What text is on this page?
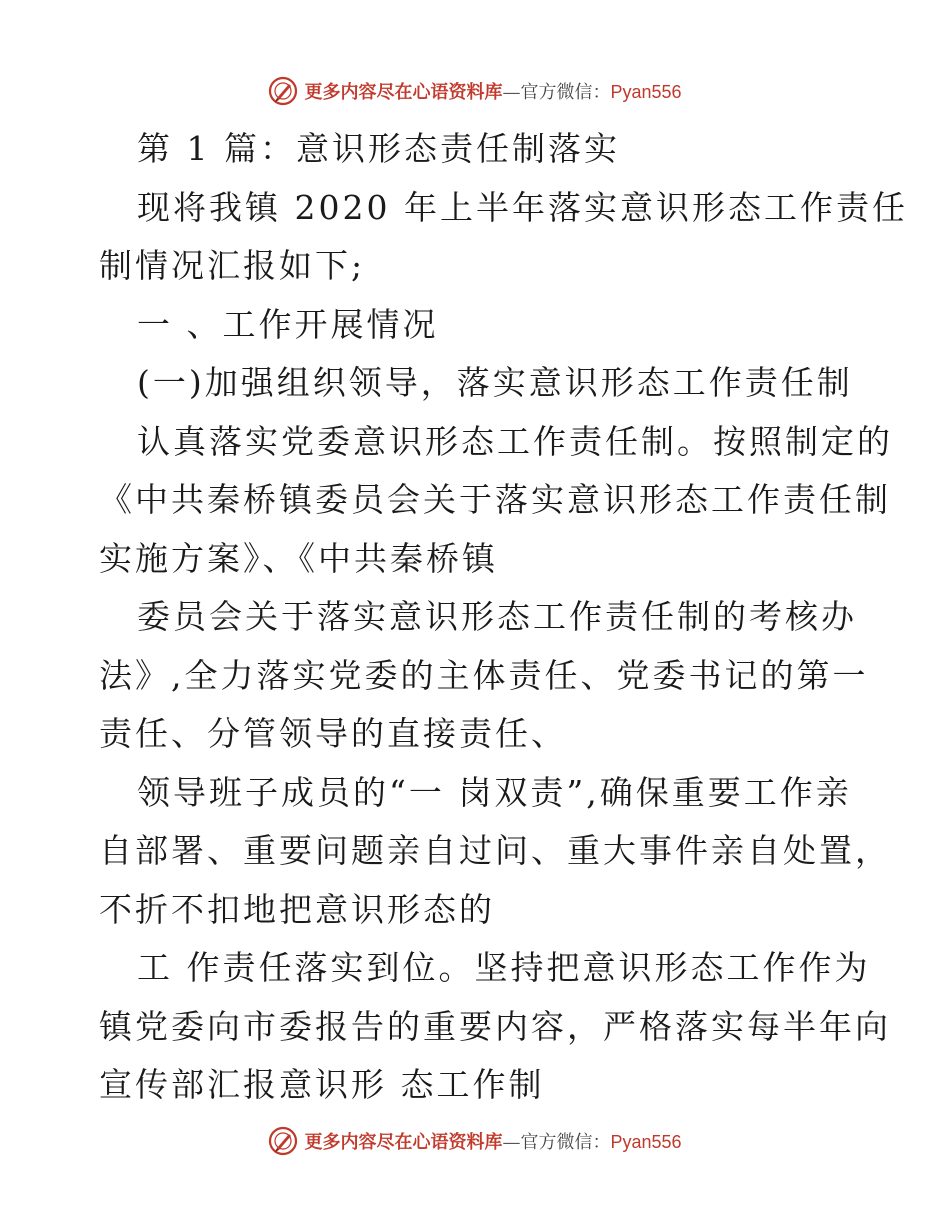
更多内容尽在心语资料库—官方微信：Pyan556
第 1 篇：意识形态责任制落实
现将我镇 2020 年上半年落实意识形态工作责任
制情况汇报如下;
一 、工作开展情况
(一)加强组织领导，落实意识形态工作责任制
认真落实党委意识形态工作责任制。按照制定的
《中共秦桥镇委员会关于落实意识形态工作责任制
实施方案》、《中共秦桥镇
委员会关于落实意识形态工作责任制的考核办
法》,全力落实党委的主体责任、党委书记的第一
责任、分管领导的直接责任、
领导班子成员的“一 岗双责”,确保重要工作亲
自部署、重要问题亲自过问、重大事件亲自处置，
不折不扣地把意识形态的
工 作责任落实到位。坚持把意识形态工作作为
镇党委向市委报告的重要内容，严格落实每半年向
宣传部汇报意识形 态工作制
更多内容尽在心语资料库—官方微信：Pyan556
